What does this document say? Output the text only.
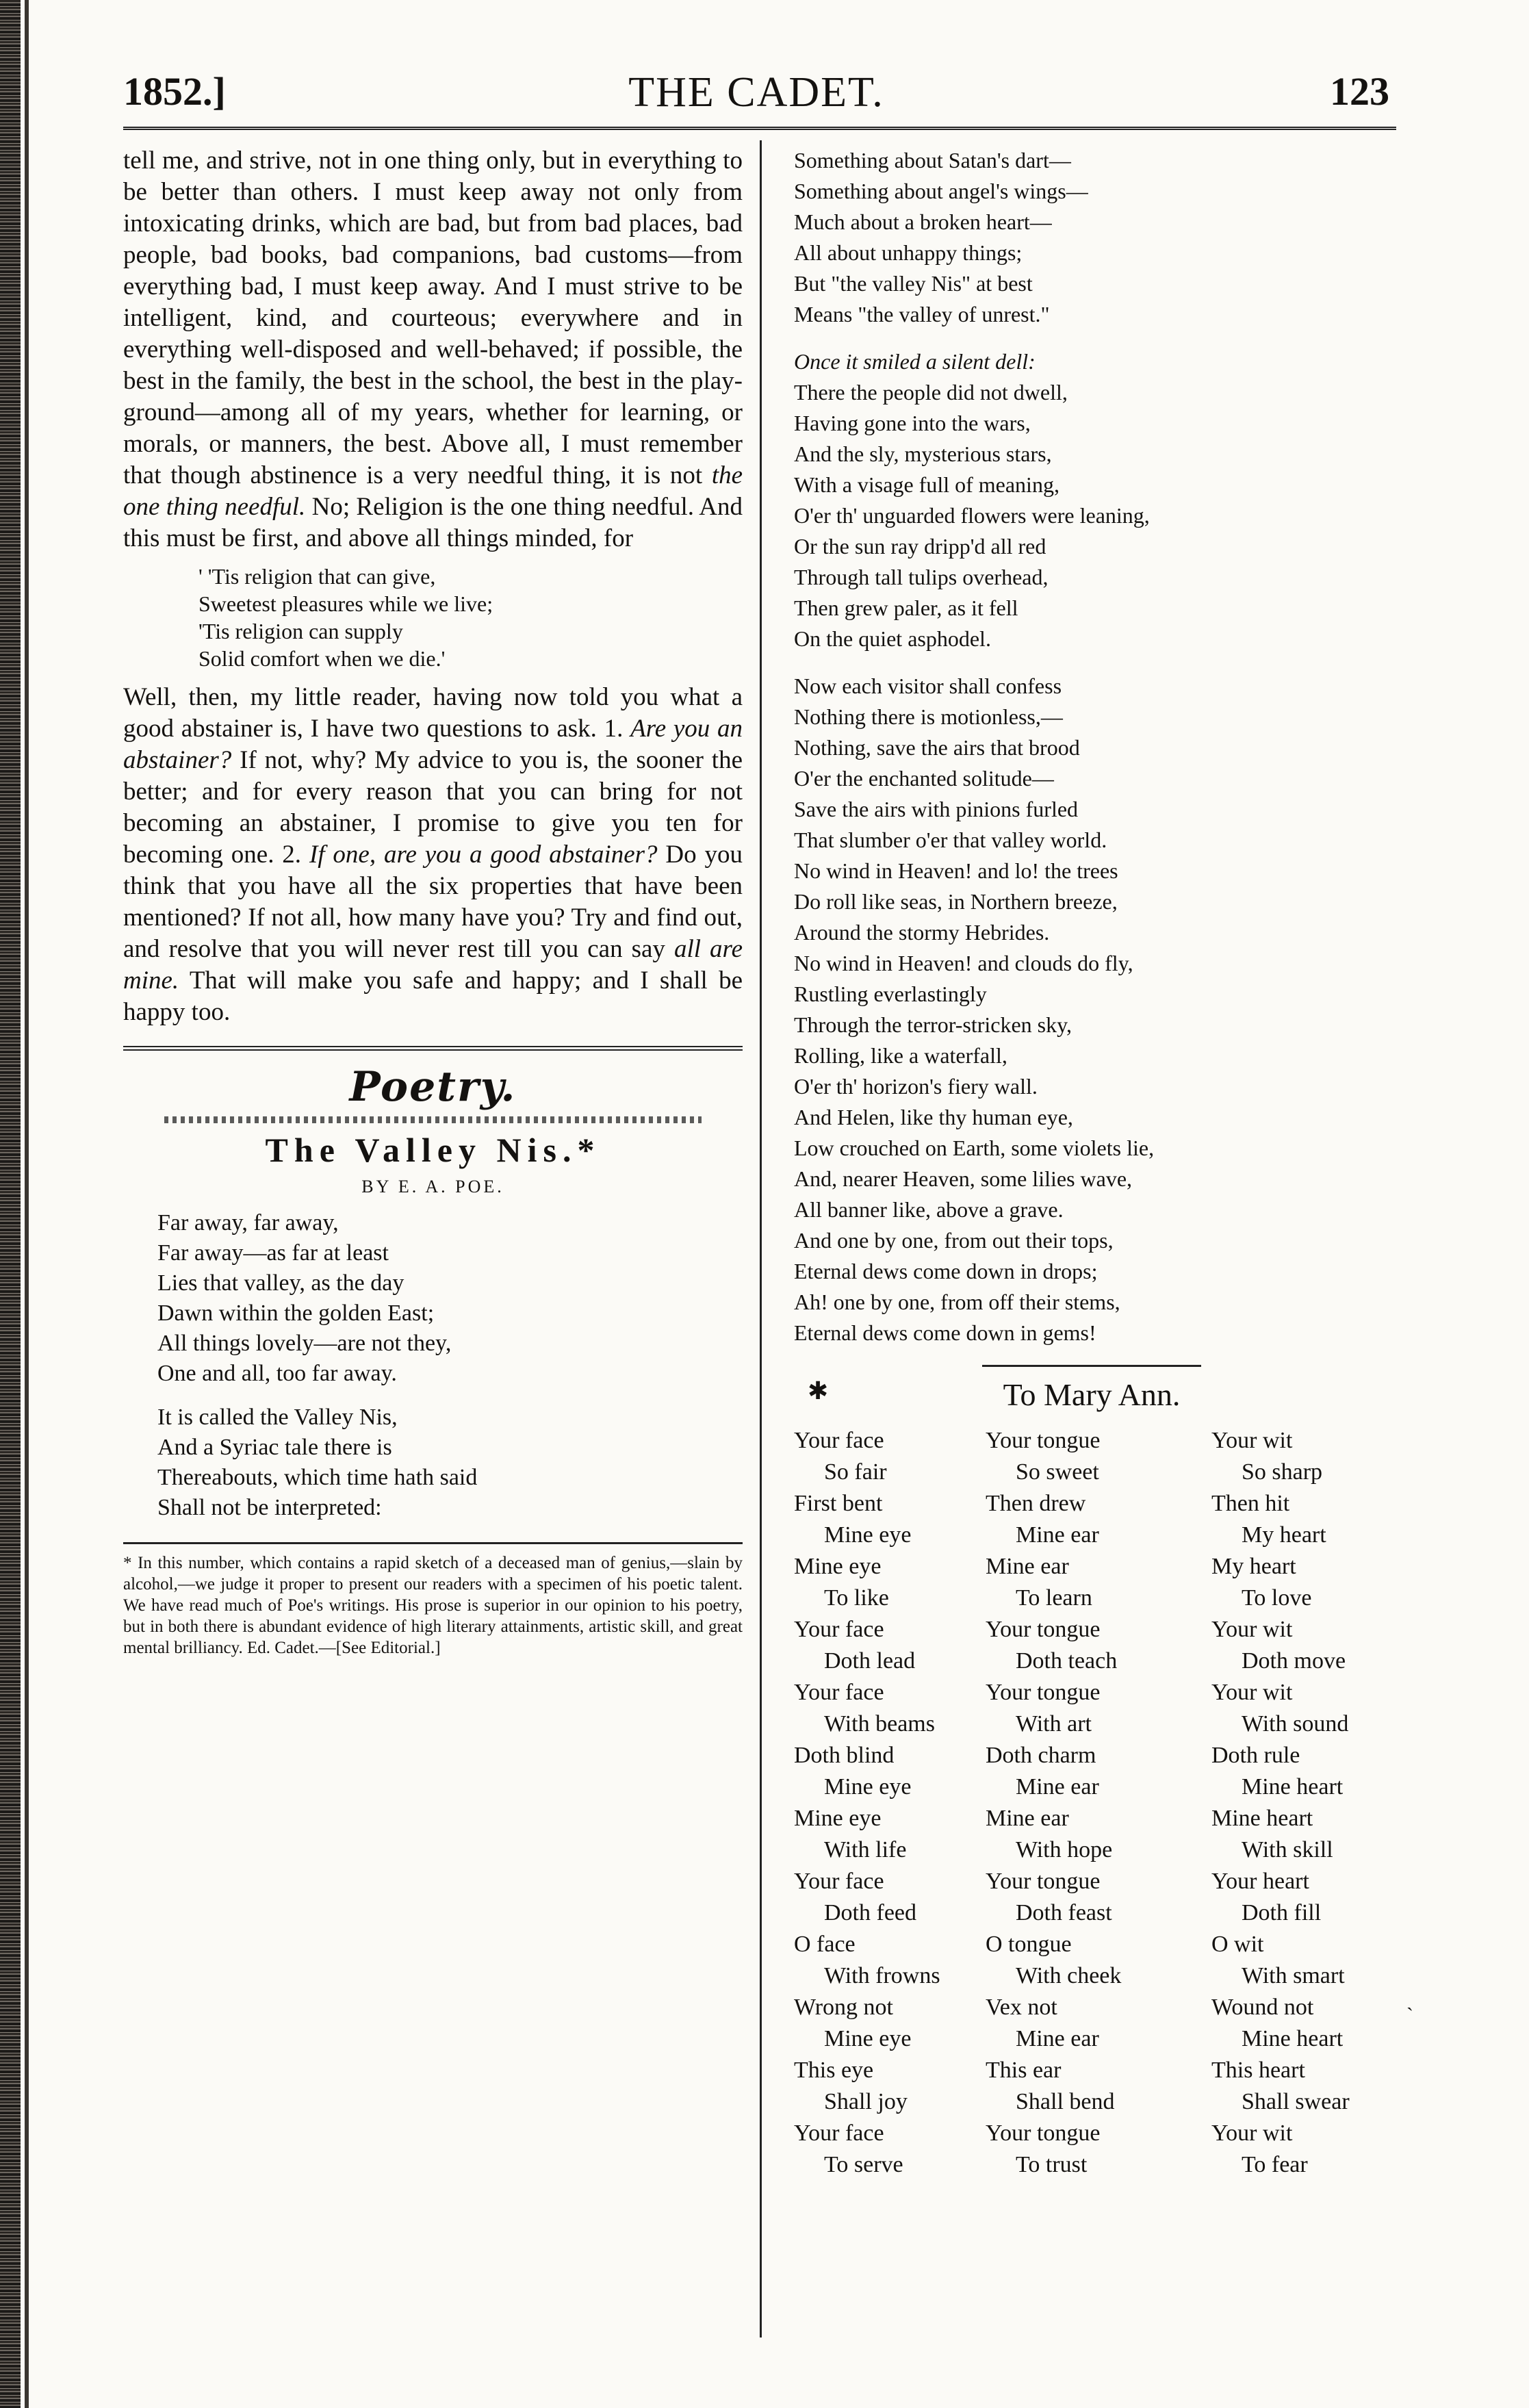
THE CADET.
1852.]	123

tell me, and strive, not in one thing only, but in everything to be better than others. I must keep away not only from intoxicating drinks, which are bad, but from bad places, bad people, bad books, bad companions, bad customs—from everything bad, I must keep away. And I must strive to be intelligent, kind, and courteous; everywhere and in everything well-disposed and well-behaved; if possible, the best in the family, the best in the school, the best in the play-ground—among all of my years, whether for learning, or morals, or manners, the best. Above all, I must remember that though abstinence is a very needful thing, it is not the one thing needful. No; Religion is the one thing needful. And this must be first, and above all things minded, for

' 'Tis religion that can give,
Sweetest pleasures while we live;
'Tis religion can supply
Solid comfort when we die.'

Well, then, my little reader, having now told you what a good abstainer is, I have two questions to ask. 1. Are you an abstainer? If not, why? My advice to you is, the sooner the better; and for every reason that you can bring for not becoming an abstainer, I promise to give you ten for becoming one. 2. If one, are you a good abstainer? Do you think that you have all the six properties that have been mentioned? If not all, how many have you? Try and find out, and resolve that you will never rest till you can say all are mine. That will make you safe and happy; and I shall be happy too.

Poetry.
The Valley Nis.*
BY E. A. POE.
Far away, far away,
Far away—as far at least
Lies that valley, as the day
Dawn within the golden East;
All things lovely—are not they,
One and all, too far away.
It is called the Valley Nis,
And a Syriac tale there is
Thereabouts, which time hath said
Shall not be interpreted:

* In this number, which contains a rapid sketch of a deceased man of genius,—slain by alcohol,—we judge it proper to present our readers with a specimen of his poetic talent. We have read much of Poe's writings. His prose is superior in our opinion to his poetry, but in both there is abundant evidence of high literary attainments, artistic skill, and great mental brilliancy. Ed. Cadet.—[See Editorial.]

Something about Satan's dart—
Something about angel's wings—
Much about a broken heart—
All about unhappy things;
But "the valley Nis" at best
Means "the valley of unrest."
Once it smiled a silent dell:
There the people did not dwell,
Having gone into the wars,
And the sly, mysterious stars,
With a visage full of meaning,
O'er th' unguarded flowers were leaning,
Or the sun ray dripp'd all red
Through tall tulips overhead,
Then grew paler, as it fell
On the quiet asphodel.
Now each visitor shall confess
Nothing there is motionless,—
Nothing, save the airs that brood
O'er the enchanted solitude—
Save the airs with pinions furled
That slumber o'er that valley world.
No wind in Heaven! and lo! the trees
Do roll like seas, in Northern breeze,
Around the stormy Hebrides.
No wind in Heaven! and clouds do fly,
Rustling everlastingly
Through the terror-stricken sky,
Rolling, like a waterfall,
O'er th' horizon's fiery wall.
And Helen, like thy human eye,
Low crouched on Earth, some violets lie,
And, nearer Heaven, some lilies wave,
All banner like, above a grave.
And one by one, from out their tops,
Eternal dews come down in drops;
Ah! one by one, from off their stems,
Eternal dews come down in gems!
✱	To Mary Ann.
Your face
So fair
Your tongue
So sweet
Your wit
So sharp
First bent
Mine eye
Then drew
Mine ear
Then hit
My heart
Mine eye
To like
Mine ear
To learn
My heart
To love
Your face
Doth lead
Your tongue
Doth teach
Your wit
Doth move
Your face
With beams
Your tongue
With art
Your wit
With sound
Doth blind
Mine eye
Doth charm
Mine ear
Doth rule
Mine heart
Mine eye
With life
Mine ear
With hope
Mine heart
With skill
Your face
Doth feed
Your tongue
Doth feast
Your heart
Doth fill
O face
With frowns
O tongue
With cheek
O wit
With smart
Wrong not
Mine eye
Vex not
Mine ear
Wound not
Mine heart
This eye
Shall joy
This ear
Shall bend
This heart
Shall swear
Your face
To serve
Your tongue
To trust
Your wit
To fear
ˎ
